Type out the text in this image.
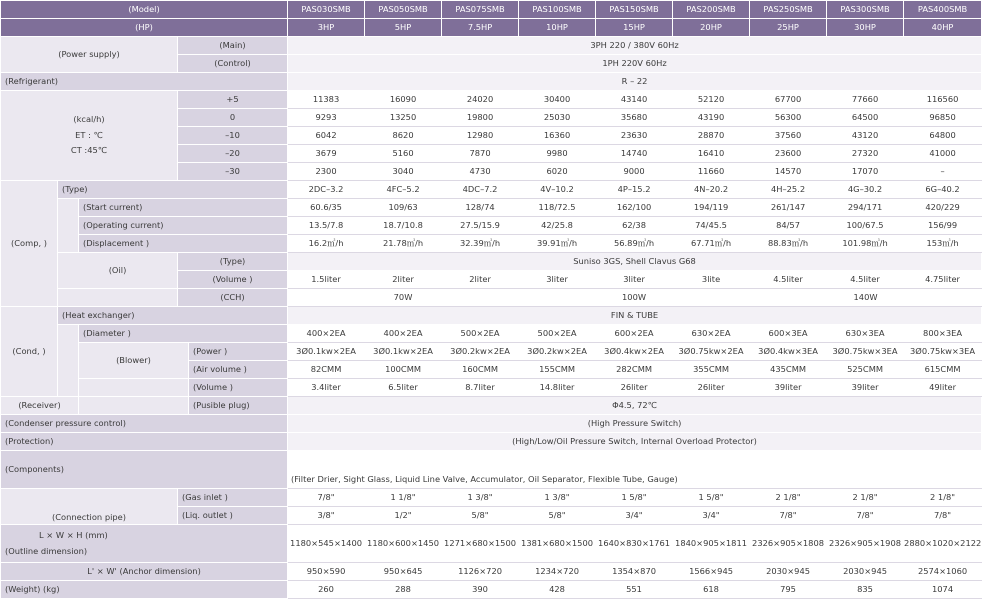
(Model)					PAS030SMB	PAS050SMB	PAS075SMB	PAS100SMB	PAS150SMB	PAS200SMB	PAS250SMB	PAS300SMB	PAS400SMB
(HP)					3HP	5HP	7.5HP	10HP	15HP	20HP	25HP	30HP	40HP
(Power supply)			(Main)		3PH 220 / 380V 60Hz								
			(Control)		1PH 220V 60Hz								
(Refrigerant)					R – 22								

(kcal/h)
ET : ℃
CT :45℃			+5		11383	16090	24020	30400	43140	52120	67700	77660	116560
			0		9293	13250	19800	25030	35680	43190	56300	64500	96850
			–10		6042	8620	12980	16360	23630	28870	37560	43120	64800
			–20		3679	5160	7870	9980	14740	16410	23600	27320	41000
			–30		2300	3040	4730	6020	9000	11660	14570	17070	–
(Comp, )	(Type)				2DC–3.2	4FC–5.2	4DC–7.2	4V–10.2	4P–15.2	4N–20.2	4H–25.2	4G–30.2	6G–40.2
		(Start current)			60.6/35	109/63	128/74	118/72.5	162/100	194/119	261/147	294/171	420/229
		(Operating current)			13.5/7.8	18.7/10.8	27.5/15.9	42/25.8	62/38	74/45.5	84/57	100/67.5	156/99
		(Displacement )			16.2㎥/h	21.78㎥/h	32.39㎥/h	39.91㎥/h	56.89㎥/h	67.71㎥/h	88.83㎥/h	101.98㎥/h	153㎥/h
	(Oil)		(Type)		Suniso 3GS, Shell Clavus G68								
			(Volume )		1.5liter	2liter	2liter	3liter	3liter	3lite	4.5liter	4.5liter	4.75liter
			(CCH)		70W			100W			140W		
(Cond, )	(Heat exchanger)				FIN & TUBE								
		(Diameter )			400×2EA	400×2EA	500×2EA	500×2EA	600×2EA	630×2EA	600×3EA	630×3EA	800×3EA
		(Blower)		(Power )	3Ø0.1kw×2EA	3Ø0.1kw×2EA	3Ø0.2kw×2EA	3Ø0.2kw×2EA	3Ø0.4kw×2EA	3Ø0.75kw×2EA	3Ø0.4kw×3EA	3Ø0.75kw×3EA	3Ø0.75kw×3EA
				(Air volume )	82CMM	100CMM	160CMM	155CMM	282CMM	355CMM	435CMM	525CMM	615CMM
				(Volume )	3.4liter	6.5liter	8.7liter	14.8liter	26liter	26liter	39liter	39liter	49liter
(Receiver)				(Pusible plug)	Φ4.5, 72℃								
(Condenser pressure control)					(High Pressure Switch)								
(Protection)					(High/Low/Oil Pressure Switch, Internal Overload Protector)								
(Components)					(Filter Drier, Sight Glass, Liquid Line Valve, Accumulator, Oil Separator, Flexible Tube, Gauge)								
(Connection pipe)			(Gas inlet )		7/8"	1 1/8"	1 3/8"	1 3/8"	1 5/8"	1 5/8"	2 1/8"	2 1/8"	2 1/8"
			(Liq. outlet )		3/8"	1/2"	5/8"	5/8"	3/4"	3/4"	7/8"	7/8"	7/8"

L × W × H (mm)
(Outline dimension)					1180×545×1400	1180×600×1450	1271×680×1500	1381×680×1500	1640×830×1761	1840×905×1811	2326×905×1808	2326×905×1908	2880×1020×2122
L' × W' (Anchor dimension)					950×590	950×645	1126×720	1234×720	1354×870	1566×945	2030×945	2030×945	2574×1060
(Weight) (kg)					260	288	390	428	551	618	795	835	1074
